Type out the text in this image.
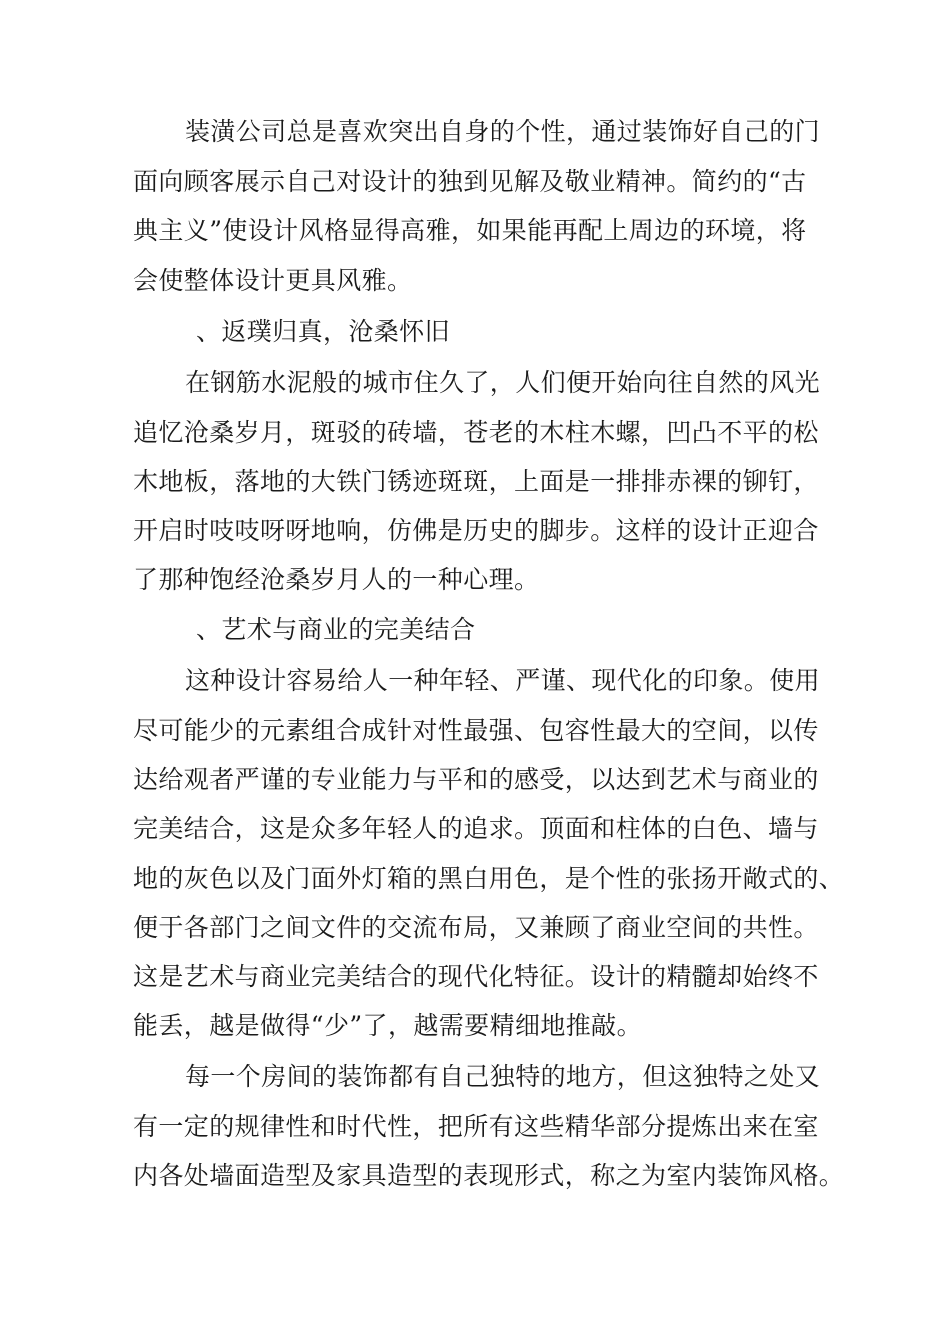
装潢公司总是喜欢突出自身的个性，通过装饰好自己的门

面向顾客展示自己对设计的独到见解及敬业精神。简约的“古

典主义”使设计风格显得高雅，如果能再配上周边的环境，将

会使整体设计更具风雅。

、返璞归真，沧桑怀旧

在钢筋水泥般的城市住久了，人们便开始向往自然的风光

追忆沧桑岁月，斑驳的砖墙，苍老的木柱木螺，凹凸不平的松

木地板，落地的大铁门锈迹斑斑，上面是一排排赤裸的铆钉，

开启时吱吱呀呀地响，仿佛是历史的脚步。这样的设计正迎合

了那种饱经沧桑岁月人的一种心理。

、艺术与商业的完美结合

这种设计容易给人一种年轻、严谨、现代化的印象。使用

尽可能少的元素组合成针对性最强、包容性最大的空间，以传

达给观者严谨的专业能力与平和的感受，以达到艺术与商业的

完美结合，这是众多年轻人的追求。顶面和柱体的白色、墙与

地的灰色以及门面外灯箱的黑白用色，是个性的张扬开敞式的、

便于各部门之间文件的交流布局，又兼顾了商业空间的共性。

这是艺术与商业完美结合的现代化特征。设计的精髓却始终不

能丢，越是做得“少”了，越需要精细地推敲。

每一个房间的装饰都有自己独特的地方，但这独特之处又

有一定的规律性和时代性，把所有这些精华部分提炼出来在室

内各处墙面造型及家具造型的表现形式，称之为室内装饰风格。
